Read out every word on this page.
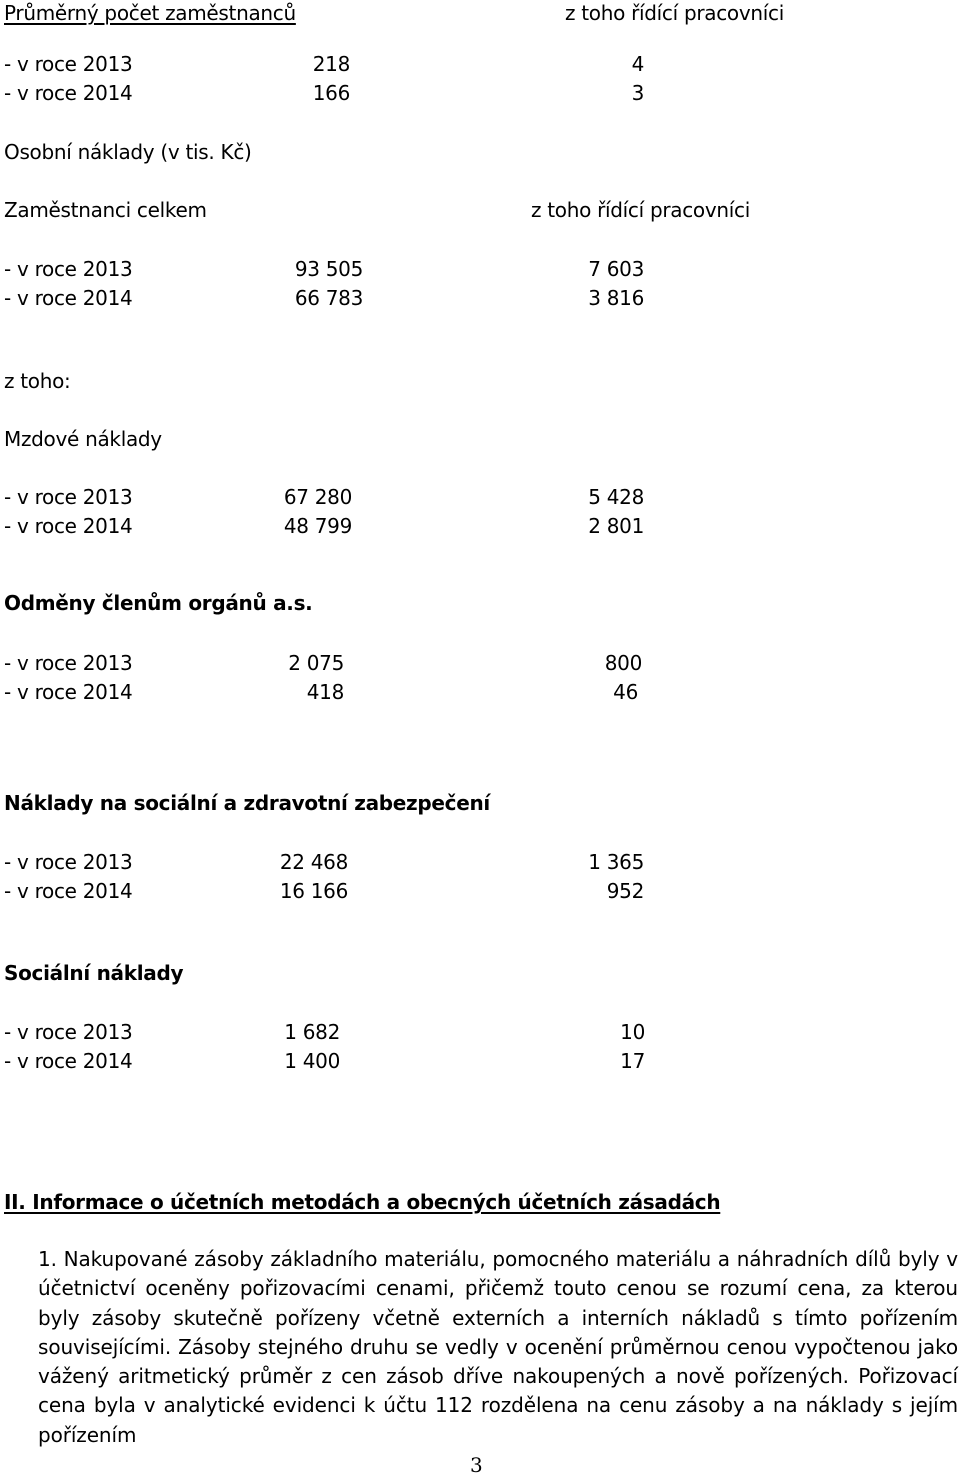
Průměrný počet zaměstnanců	z toho řídící pracovníci
- v roce 2013	218	4
- v roce 2014	166	3
Osobní náklady (v tis. Kč)
Zaměstnanci celkem	z toho řídící pracovníci
- v roce 2013	93 505	7 603
- v roce 2014	66 783	3 816
z toho:
Mzdové náklady
- v roce 2013	67 280	5 428
- v roce 2014	48 799	2 801
Odměny členům orgánů a.s.
- v roce 2013	2 075	800
- v roce 2014	418	46
Náklady na sociální a zdravotní zabezpečení
- v roce 2013	22 468	1 365
- v roce 2014	16 166	952
Sociální náklady
- v roce 2013	1 682	10
- v roce 2014	1 400	17
II. Informace o účetních metodách a obecných účetních zásadách

1. Nakupované zásoby základního materiálu, pomocného materiálu a náhradních dílů byly v účetnictví oceněny pořizovacími cenami, přičemž touto cenou se rozumí cena, za kterou byly zásoby skutečně pořízeny včetně externích a interních nákladů s tímto pořízením souvisejícími. Zásoby stejného druhu se vedly v ocenění průměrnou cenou vypočtenou jako vážený aritmetický průměr z cen zásob dříve nakoupených a nově pořízených. Pořizovací cena byla v analytické evidenci k účtu 112 rozdělena na cenu zásoby a na náklady s jejím pořízením

3
